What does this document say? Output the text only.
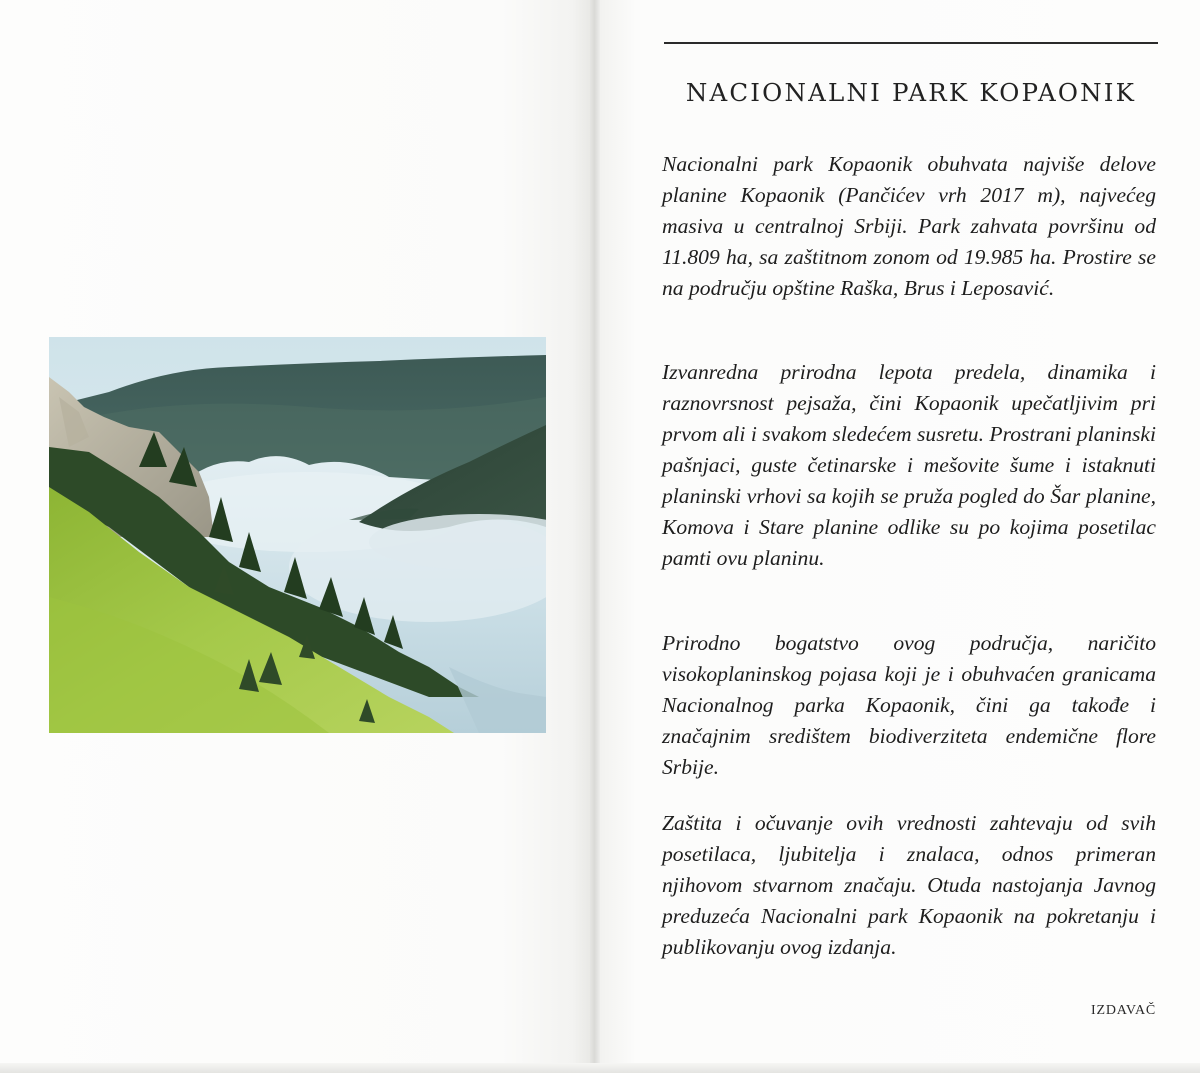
NACIONALNI PARK KOPAONIK

Nacionalni park Kopaonik obuhvata najviše delove planine Kopaonik (Pančićev vrh 2017 m), najvećeg masiva u centralnoj Srbiji. Park zahvata površinu od 11.809 ha, sa zaštitnom zonom od 19.985 ha. Prostire se na području opštine Raška, Brus i Leposavić.

Izvanredna prirodna lepota predela, dinamika i raznovrsnost pejsaža, čini Kopaonik upečatljivim pri prvom ali i svakom sledećem susretu. Prostrani planinski pašnjaci, guste četinarske i mešovite šume i istaknuti planinski vrhovi sa kojih se pruža pogled do Šar planine, Komova i Stare planine odlike su po kojima posetilac pamti ovu planinu.

Prirodno bogatstvo ovog područja, naričito visokoplaninskog pojasa koji je i obuhvaćen granicama Nacionalnog parka Kopaonik, čini ga takođe i značajnim središtem biodiverziteta endemične flore Srbije.

Zaštita i očuvanje ovih vrednosti zahtevaju od svih posetilaca, ljubitelja i znalaca, odnos primeran njihovom stvarnom značaju. Otuda nastojanja Javnog preduzeća Nacionalni park Kopaonik na pokretanju i publikovanju ovog izdanja.

IZDAVAČ
